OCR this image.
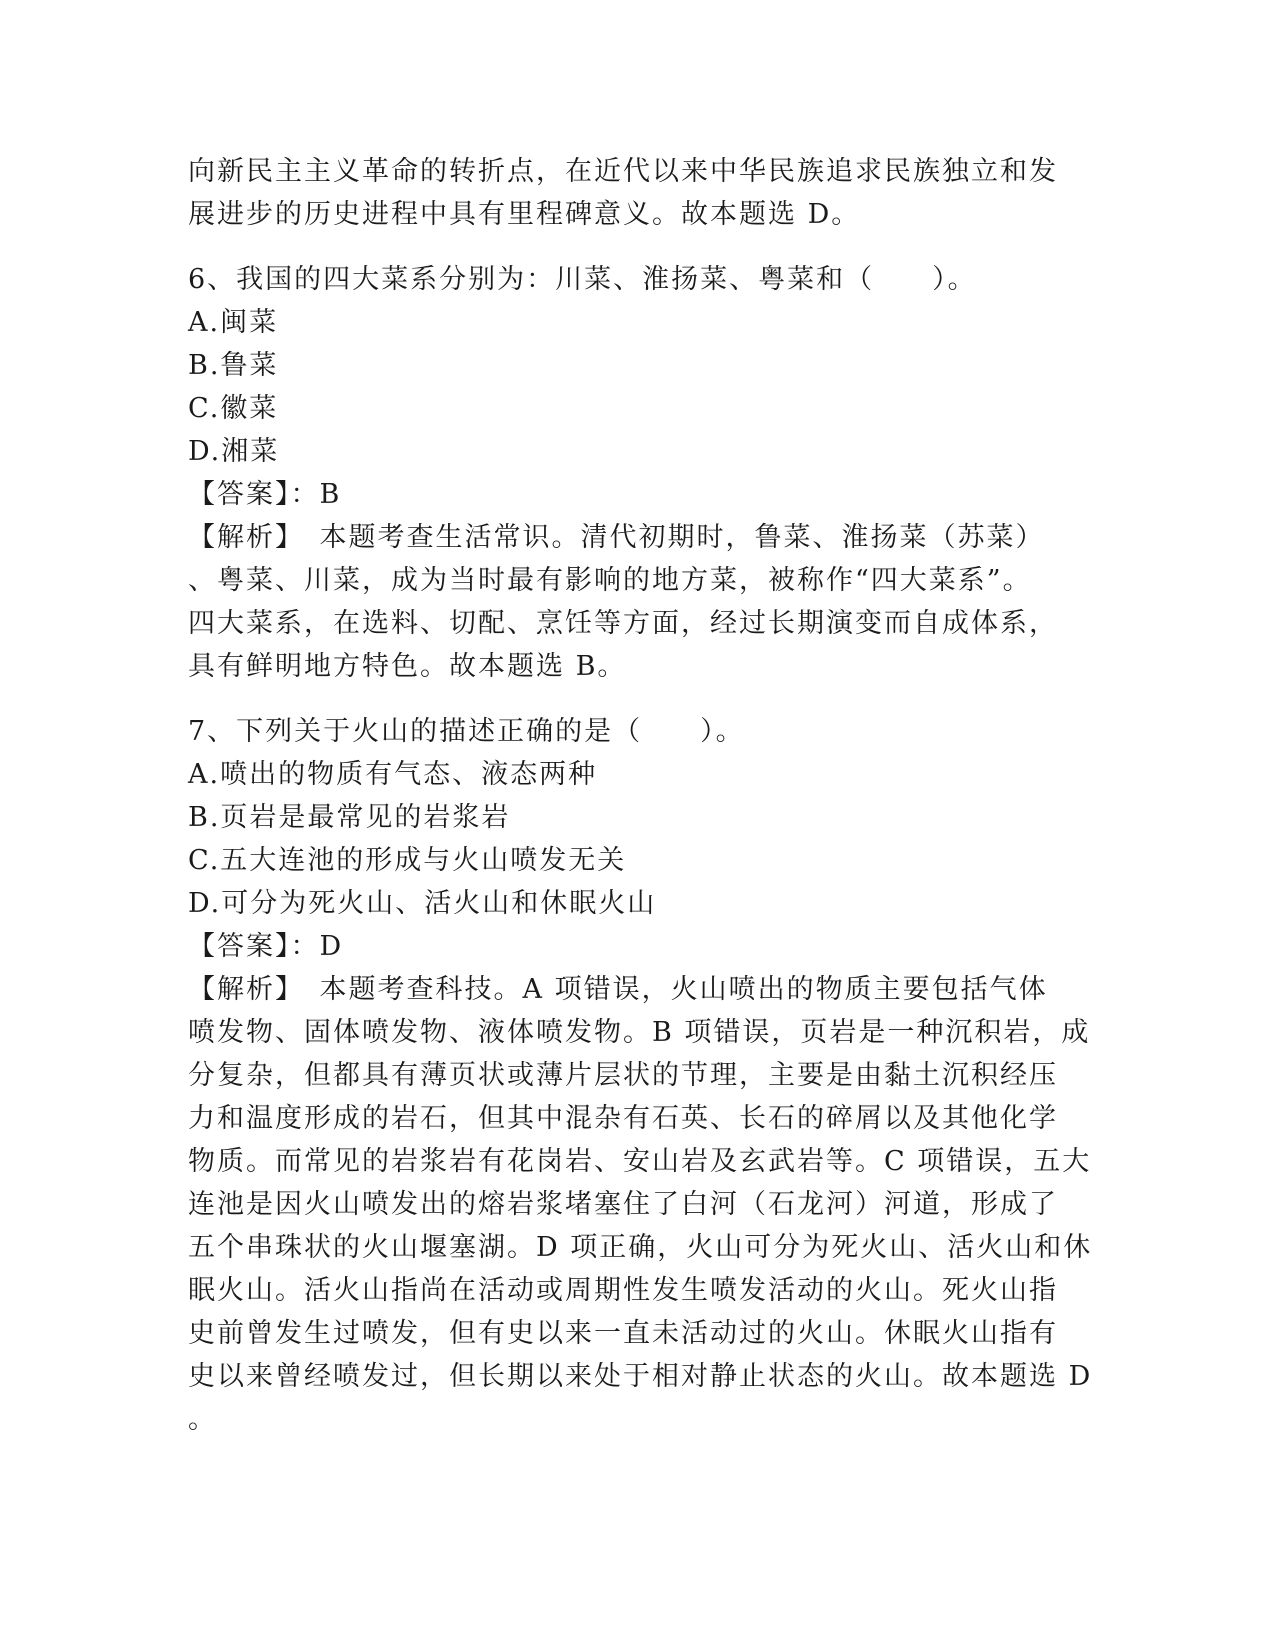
向新民主主义革命的转折点，在近代以来中华民族追求民族独立和发
展进步的历史进程中具有里程碑意义。故本题选 D。
6、我国的四大菜系分别为：川菜、淮扬菜、粤菜和（　　）。
A.闽菜
B.鲁菜
C.徽菜
D.湘菜
【答案】：B
【解析】　本题考查生活常识。清代初期时，鲁菜、淮扬菜（苏菜）
、粤菜、川菜，成为当时最有影响的地方菜，被称作“四大菜系”。
四大菜系，在选料、切配、烹饪等方面，经过长期演变而自成体系，
具有鲜明地方特色。故本题选 B。
7、下列关于火山的描述正确的是（　　）。
A.喷出的物质有气态、液态两种
B.页岩是最常见的岩浆岩
C.五大连池的形成与火山喷发无关
D.可分为死火山、活火山和休眠火山
【答案】：D
【解析】　本题考查科技。A 项错误，火山喷出的物质主要包括气体
喷发物、固体喷发物、液体喷发物。B 项错误，页岩是一种沉积岩，成
分复杂，但都具有薄页状或薄片层状的节理，主要是由黏土沉积经压
力和温度形成的岩石，但其中混杂有石英、长石的碎屑以及其他化学
物质。而常见的岩浆岩有花岗岩、安山岩及玄武岩等。C 项错误，五大
连池是因火山喷发出的熔岩浆堵塞住了白河（石龙河）河道，形成了
五个串珠状的火山堰塞湖。D 项正确，火山可分为死火山、活火山和休
眠火山。活火山指尚在活动或周期性发生喷发活动的火山。死火山指
史前曾发生过喷发，但有史以来一直未活动过的火山。休眠火山指有
史以来曾经喷发过，但长期以来处于相对静止状态的火山。故本题选 D
。
